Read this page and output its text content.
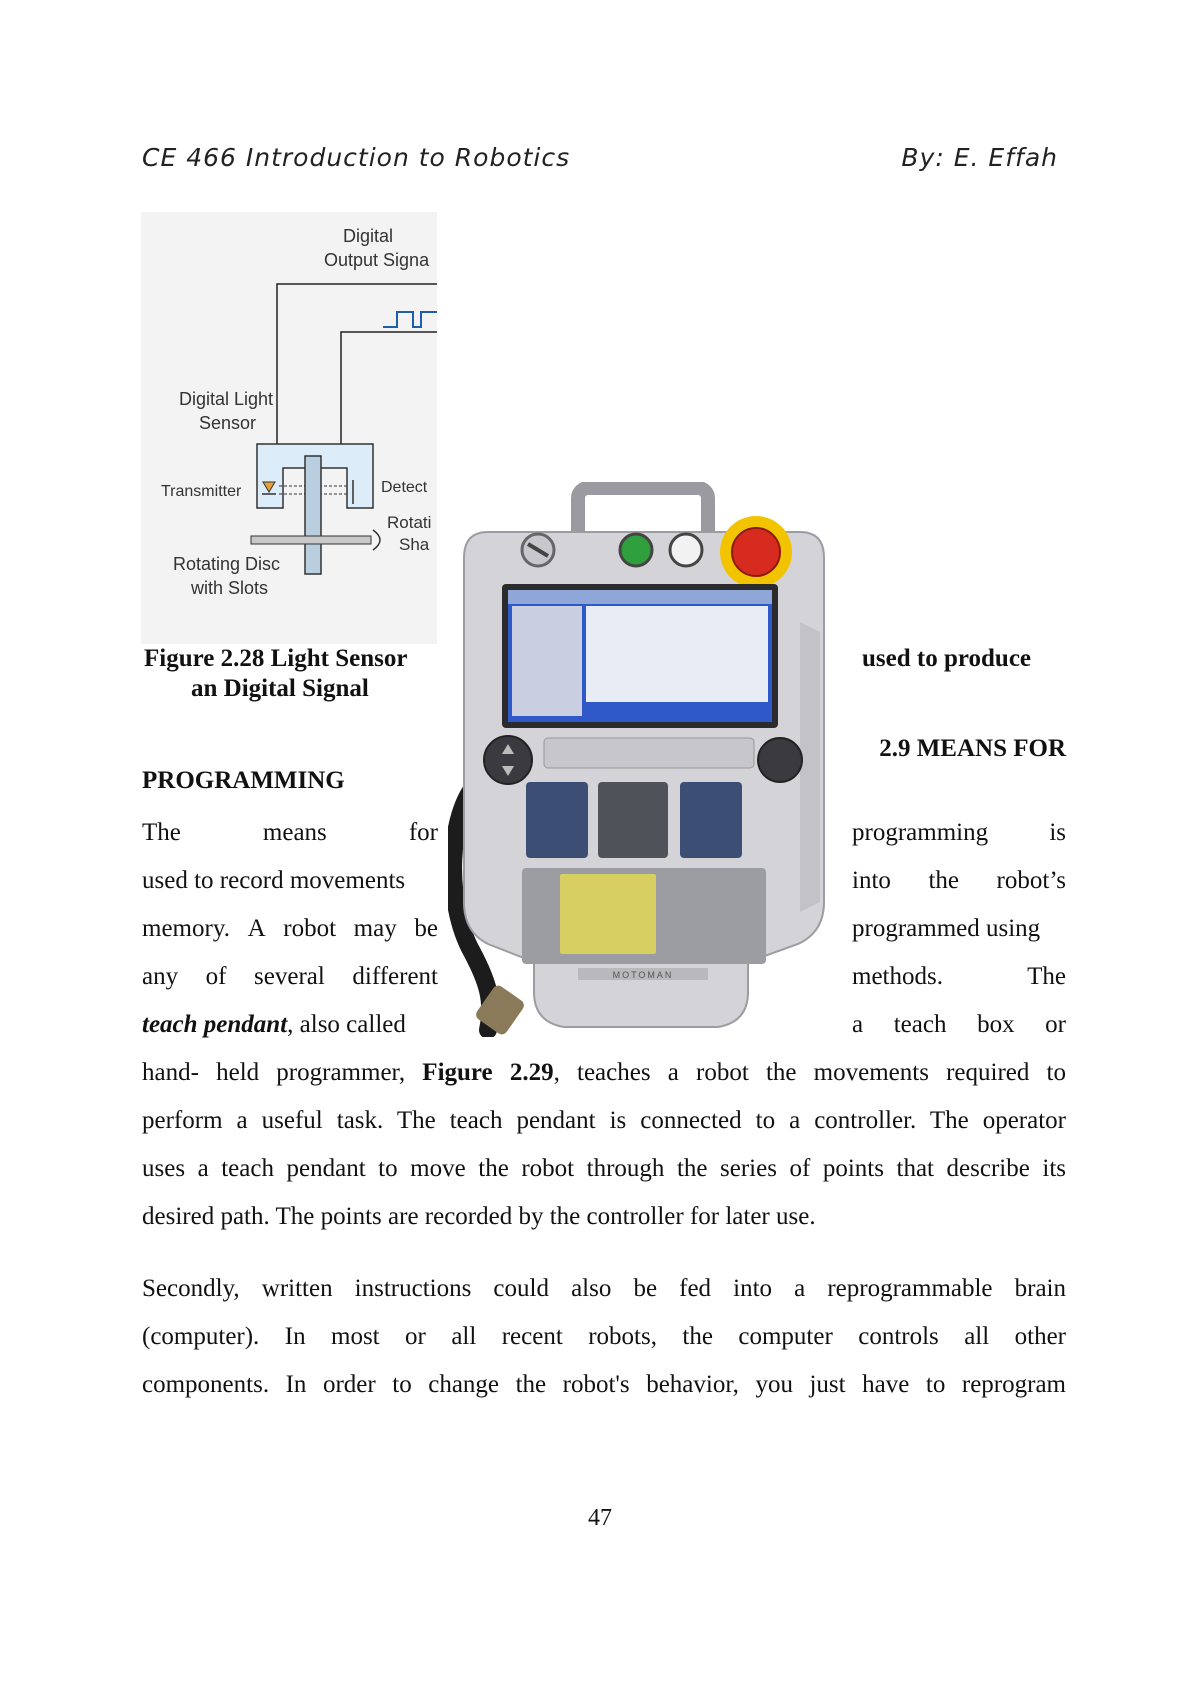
CE 466 Introduction to Robotics	By: E. Effah
Digital
Output Signa
Digital Light
Sensor
Transmitter	Detect
Rotati
Sha
Rotating Disc
with Slots
Figure 2.28 Light Sensor
an Digital Signal
used to produce
2.9 MEANS FOR
PROGRAMMING
MOTOMAN
The	means	for	programming is
used to record movements	into the robot’s
memory. A robot may be	programmed using
any of several different	methods.	The
teach pendant, also called	a teach box or
hand- held programmer, Figure 2.29, teaches a robot the movements required to
perform a useful task. The teach pendant is connected to a controller. The operator
uses a teach pendant to move the robot through the series of points that describe its
desired path. The points are recorded by the controller for later use.
Secondly, written instructions could also be fed into a reprogrammable brain
(computer). In most or all recent robots, the computer controls all other
components. In order to change the robot's behavior, you just have to reprogram
47
